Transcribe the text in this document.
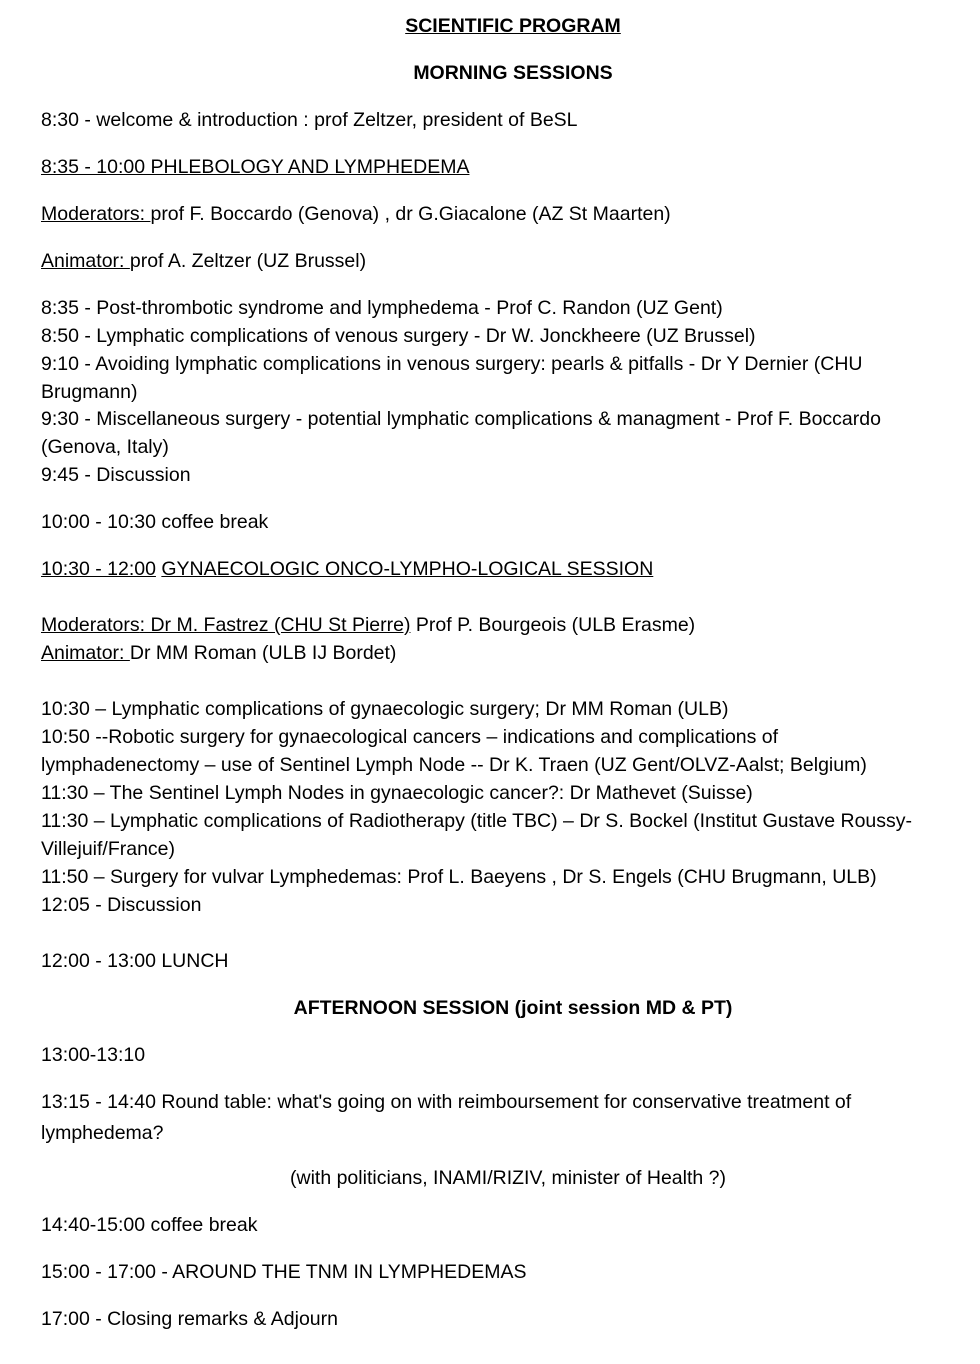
SCIENTIFIC PROGRAM
MORNING SESSIONS
8:30 - welcome & introduction : prof Zeltzer, president of BeSL
8:35 - 10:00 PHLEBOLOGY AND LYMPHEDEMA
Moderators: prof F. Boccardo (Genova) , dr G.Giacalone (AZ St Maarten)
Animator: prof A. Zeltzer (UZ Brussel)
8:35 - Post-thrombotic syndrome and lymphedema - Prof C. Randon (UZ Gent)
8:50 - Lymphatic complications of venous surgery - Dr W. Jonckheere (UZ Brussel)
9:10 - Avoiding lymphatic complications in venous surgery: pearls & pitfalls - Dr Y Dernier (CHU
Brugmann)
9:30 - Miscellaneous surgery - potential lymphatic complications & managment - Prof F. Boccardo
(Genova, Italy)
9:45 - Discussion
10:00 - 10:30 coffee break
10:30 - 12:00 GYNAECOLOGIC ONCO-LYMPHO-LOGICAL SESSION
Moderators: Dr M. Fastrez (CHU St Pierre) Prof P. Bourgeois (ULB Erasme)
Animator: Dr MM Roman (ULB IJ Bordet)
10:30 – Lymphatic complications of gynaecologic surgery; Dr MM Roman (ULB)
10:50 --Robotic surgery for gynaecological cancers – indications and complications of
lymphadenectomy – use of Sentinel Lymph Node -- Dr K. Traen (UZ Gent/OLVZ-Aalst; Belgium)
11:30 – The Sentinel Lymph Nodes in gynaecologic cancer?: Dr Mathevet (Suisse)
11:30 – Lymphatic complications of Radiotherapy (title TBC) – Dr S. Bockel (Institut Gustave Roussy-
Villejuif/France)
11:50 – Surgery for vulvar Lymphedemas: Prof L. Baeyens , Dr S. Engels (CHU Brugmann, ULB)
12:05 - Discussion
12:00 - 13:00 LUNCH
AFTERNOON SESSION (joint session MD & PT)
13:00-13:10
13:15 - 14:40 Round table: what's going on with reimboursement for conservative treatment of
lymphedema?
(with politicians, INAMI/RIZIV, minister of Health ?)
14:40-15:00 coffee break
15:00 - 17:00 - AROUND THE TNM IN LYMPHEDEMAS
17:00 - Closing remarks & Adjourn
